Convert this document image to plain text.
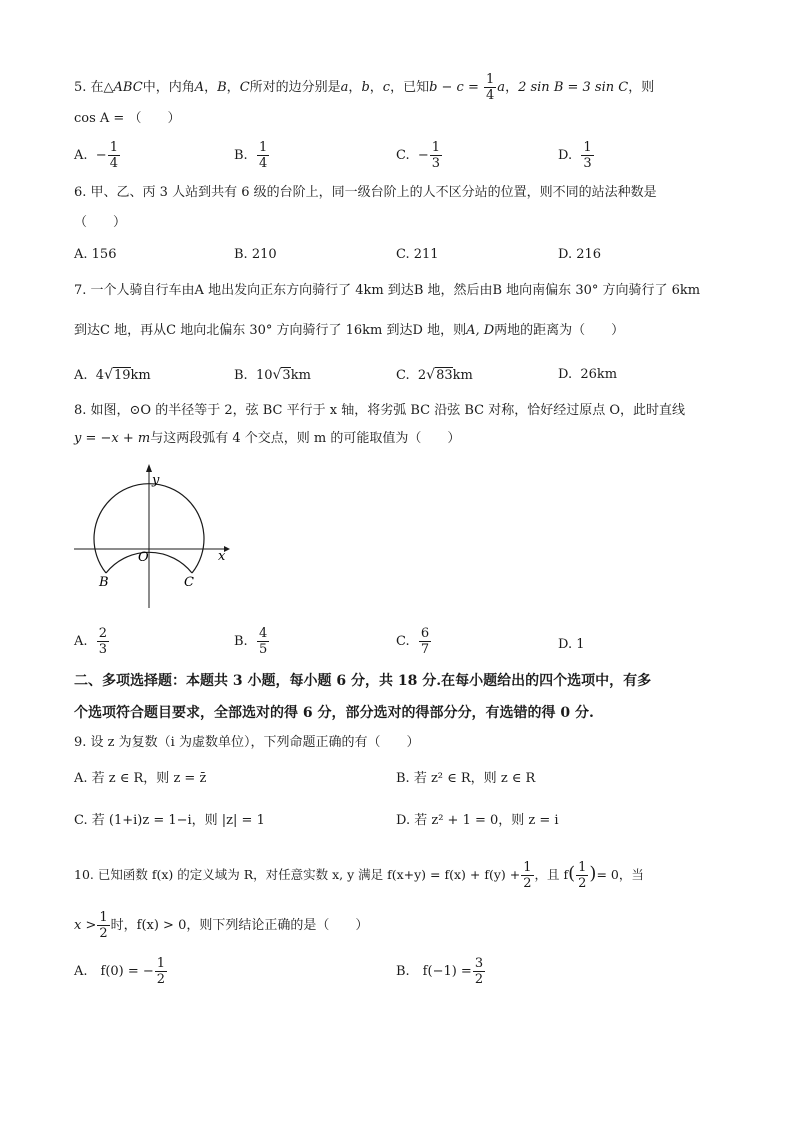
5. 在△ABC中，内角A，B，C所对的边分别是a，b，c，已知$b - c = \frac{1}{4}$ a，2 sin B = 3 sin C，则
cos A = （　　）
A. − $\frac{1}{4}$	B. $\frac{1}{4}$	C. − $\frac{1}{3}$	D. $\frac{1}{3}$
6. 甲、乙、丙 3 人站到共有 6 级的台阶上，同一级台阶上的人不区分站的位置，则不同的站法种数是
（　　）
A. 156	B. 210	C. 211	D. 216
7. 一个人骑自行车由A 地出发向正东方向骑行了 4km 到达B 地，然后由B 地向南偏东 30° 方向骑行了 6km
到达C 地，再从C 地向北偏东 30° 方向骑行了 16km 到达D 地，则A, D两地的距离为（　　）
A. 4√19km	B. 10√3km	C. 2√83km	D. 26km
8. 如图，⊙O 的半径等于 2，弦 BC 平行于 x 轴，将劣弧 BC 沿弦 BC 对称，恰好经过原点 O，此时直线
y = −x + m与这两段弧有 4 个交点，则 m 的可能取值为（　　）
y
x
O
B	C
A. $\frac{2}{3}$	B. $\frac{4}{5}$	C. $\frac{6}{7}$	D. 1
二、多项选择题：本题共 3 小题，每小题 6 分，共 18 分.在每小题给出的四个选项中，有多
个选项符合题目要求，全部选对的得 6 分，部分选对的得部分分，有选错的得 0 分.
9. 设 z 为复数（i 为虚数单位），下列命题正确的有（　　）
A. 若 z ∈ R，则 z = z̄	B. 若 z² ∈ R，则 z ∈ R
C. 若 (1+i)z = 1−i，则 |z| = 1	D. 若 z² + 1 = 0，则 z = i
10. 已知函数 f(x) 的定义域为 R，对任意实数 x, y 满足 $f(x+y) = f(x) + f(y) + \frac{1}{2}$ ，且 $f( \frac{1}{2}$ )= 0，当
$x > \frac{1}{2}$ 时，f(x) > 0，则下列结论正确的是（　　）
A.　f(0) = − $\frac{1}{2}$	B.　$f(-1) = \frac{3}{2}$
